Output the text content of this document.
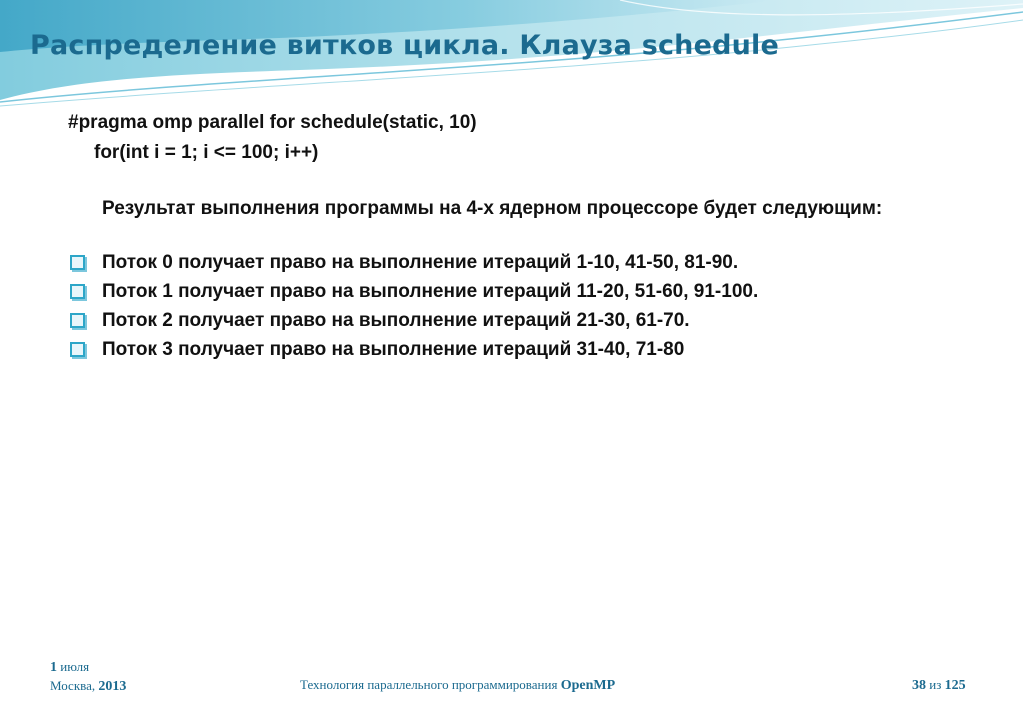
Распределение витков цикла. Клауза schedule
#pragma omp parallel for schedule(static, 10)
for(int i = 1; i <= 100; i++)
Результат выполнения программы на 4-х ядерном процессоре будет следующим:
Поток 0 получает право на выполнение итераций 1-10, 41-50, 81-90.
Поток 1 получает право на выполнение итераций 11-20, 51-60, 91-100.
Поток 2 получает право на выполнение итераций 21-30, 61-70.
Поток 3 получает право на выполнение итераций 31-40, 71-80
1 июля
Москва, 2013	Технология параллельного программирования OpenMP	38 из 125
